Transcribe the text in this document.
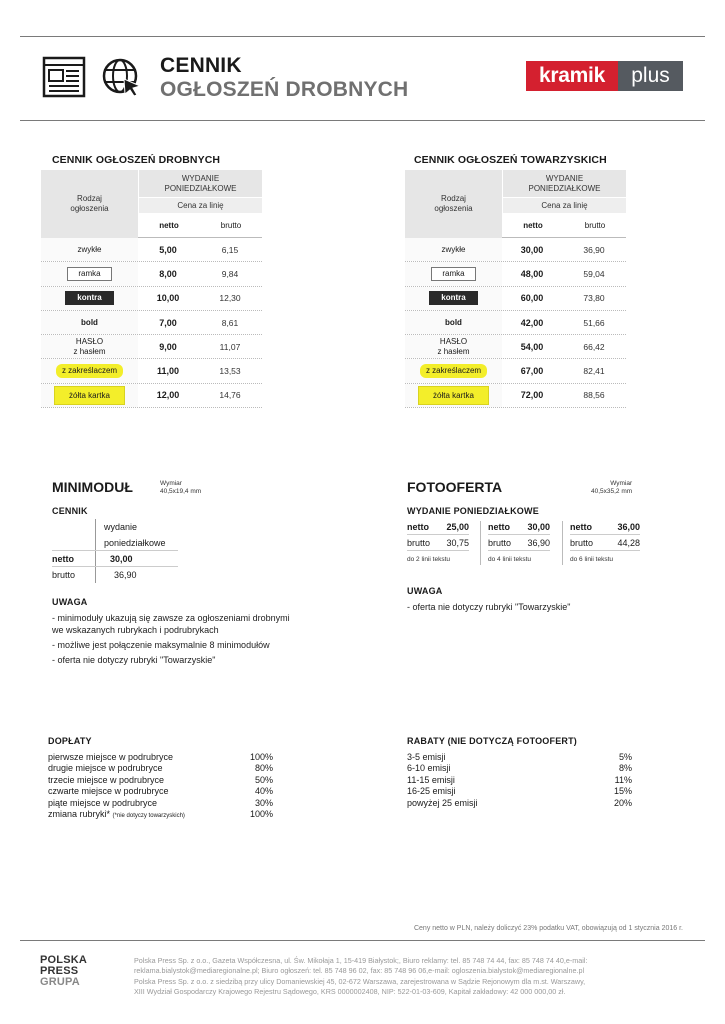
CENNIK
OGŁOSZEŃ DROBNYCH
kramik	plus
CENNIK OGŁOSZEŃ DROBNYCH
Rodzaj
ogłoszenia
WYDANIE
PONIEDZIAŁKOWE
Cena za linię
netto	brutto
zwykłe	5,00	6,15
ramka	8,00	9,84
kontra	10,00	12,30
bold	7,00	8,61
HASŁO
z hasłem	9,00	11,07
z zakreślaczem	11,00	13,53
żółta kartka	12,00	14,76
CENNIK OGŁOSZEŃ TOWARZYSKICH
Rodzaj
ogłoszenia
WYDANIE
PONIEDZIAŁKOWE
Cena za linię
netto	brutto
zwykłe	30,00	36,90
ramka	48,00	59,04
kontra	60,00	73,80
bold	42,00	51,66
HASŁO
z hasłem	54,00	66,42
z zakreślaczem	67,00	82,41
żółta kartka	72,00	88,56
MINIMODUŁ	Wymiar
40,5x19,4 mm
CENNIK
wydanie
poniedziałkowe
netto	30,00
brutto	36,90
UWAGA
- minimoduły ukazują się zawsze za ogłoszeniami drobnymi
we wskazanych rubrykach i podrubrykach
- możliwe jest połączenie maksymalnie 8 minimodułów
- oferta nie dotyczy rubryki "Towarzyskie"
FOTOOFERTA	Wymiar
40,5x35,2 mm
WYDANIE PONIEDZIAŁKOWE
netto 25,00
brutto 30,75
do 2 linii tekstu
netto 30,00
brutto 36,90
do 4 linii tekstu
netto	36,00
brutto	44,28
do 6 linii tekstu
UWAGA
- oferta nie dotyczy rubryki "Towarzyskie"
DOPŁATY
pierwsze miejsce w podrubryce	100%
drugie miejsce w podrubryce	80%
trzecie miejsce w podrubryce	50%
czwarte miejsce w podrubryce	40%
piąte miejsce w podrubryce	30%
zmiana rubryki* (*nie dotyczy towarzyskich)	100%
RABATY (NIE DOTYCZĄ FOTOOFERT)
3-5 emisji	5%
6-10 emisji	8%
11-15 emisji	11%
16-25 emisji	15%
powyżej 25 emisji	20%
Ceny netto w PLN, należy doliczyć 23% podatku VAT, obowiązują od 1 stycznia 2016 r.
POLSKA
PRESS
GRUPA
Polska Press Sp. z o.o., Gazeta Współczesna, ul. Św. Mikołaja 1, 15-419 Białystok;, Biuro reklamy: tel. 85 748 74 44, fax: 85 748 74 40,e-mail:
reklama.bialystok@mediaregionalne.pl; Biuro ogłoszeń: tel. 85 748 96 02, fax: 85 748 96 06,e-mail: ogloszenia.bialystok@mediaregionalne.pl
Polska Press Sp. z o.o. z siedzibą przy ulicy Domaniewskiej 45, 02-672 Warszawa, zarejestrowana w Sądzie Rejonowym dla m.st. Warszawy,
XIII Wydział Gospodarczy Krajowego Rejestru Sądowego, KRS 0000002408, NIP: 522-01-03-609, Kapitał zakładowy: 42 000 000,00 zł.
